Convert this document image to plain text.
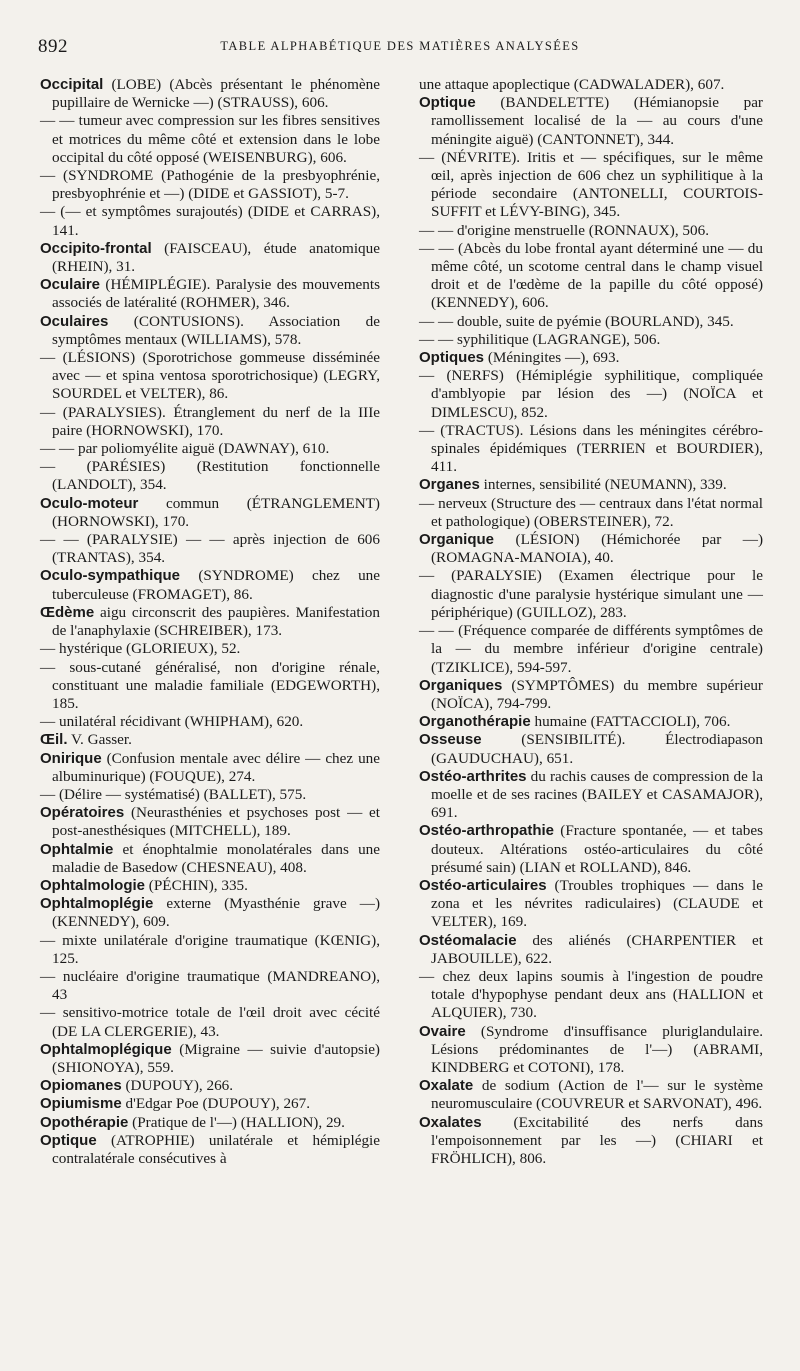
892	TABLE ALPHABÉTIQUE DES MATIÈRES ANALYSÉES
Occipital (LOBE) (Abcès présentant le phénomène pupillaire de Wernicke —) (STRAUSS), 606.
— — tumeur avec compression sur les fibres sensitives et motrices du même côté et extension dans le lobe occipital du côté opposé (WEISENBURG), 606.
— (SYNDROME (Pathogénie de la presbyophrénie, presbyophrénie et —) (DIDE et GASSIOT), 5-7.
— (— et symptômes surajoutés) (DIDE et CARRAS), 141.
Occipito-frontal (FAISCEAU), étude anatomique (RHEIN), 31.
Oculaire (HÉMIPLÉGIE). Paralysie des mouvements associés de latéralité (ROHMER), 346.
Oculaires (CONTUSIONS). Association de symptômes mentaux (WILLIAMS), 578.
— (LÉSIONS) (Sporotrichose gommeuse disséminée avec — et spina ventosa sporotrichosique) (LEGRY, SOURDEL et VELTER), 86.
— (PARALYSIES). Étranglement du nerf de la IIIe paire (HORNOWSKI), 170.
— — par poliomyélite aiguë (DAWNAY), 610.
— (PARÉSIES) (Restitution fonctionnelle (LANDOLT), 354.
Oculo-moteur commun (ÉTRANGLEMENT) (HORNOWSKI), 170.
— — (PARALYSIE) — — après injection de 606 (TRANTAS), 354.
Oculo-sympathique (SYNDROME) chez une tuberculeuse (FROMAGET), 86.
Œdème aigu circonscrit des paupières. Manifestation de l'anaphylaxie (SCHREIBER), 173.
— hystérique (GLORIEUX), 52.
— sous-cutané généralisé, non d'origine rénale, constituant une maladie familiale (EDGEWORTH), 185.
— unilatéral récidivant (WHIPHAM), 620.
Œil. V. Gasser.
Onirique (Confusion mentale avec délire — chez une albuminurique) (FOUQUE), 274.
— (Délire — systématisé) (BALLET), 575.
Opératoires (Neurasthénies et psychoses post — et post-anesthésiques (MITCHELL), 189.
Ophtalmie et énophtalmie monolatérales dans une maladie de Basedow (CHESNEAU), 408.
Ophtalmologie (PÉCHIN), 335.
Ophtalmoplégie externe (Myasthénie grave —) (KENNEDY), 609.
— mixte unilatérale d'origine traumatique (KŒNIG), 125.
— nucléaire d'origine traumatique (MANDREANO), 43
— sensitivo-motrice totale de l'œil droit avec cécité (DE LA CLERGERIE), 43.
Ophtalmoplégique (Migraine — suivie d'autopsie) (SHIONOYA), 559.
Opiomanes (DUPOUY), 266.
Opiumisme d'Edgar Poe (DUPOUY), 267.
Opothérapie (Pratique de l'—) (HALLION), 29.
Optique (ATROPHIE) unilatérale et hémiplégie contralatérale consécutives à
une attaque apoplectique (CADWALADER), 607.
Optique (BANDELETTE) (Hémianopsie par ramollissement localisé de la — au cours d'une méningite aiguë) (CANTONNET), 344.
— (NÉVRITE). Iritis et — spécifiques, sur le même œil, après injection de 606 chez un syphilitique à la période secondaire (ANTONELLI, COURTOIS-SUFFIT et LÉVY-BING), 345.
— — d'origine menstruelle (RONNAUX), 506.
— — (Abcès du lobe frontal ayant déterminé une — du même côté, un scotome central dans le champ visuel droit et de l'œdème de la papille du côté opposé) (KENNEDY), 606.
— — double, suite de pyémie (BOURLAND), 345.
— — syphilitique (LAGRANGE), 506.
Optiques (Méningites —), 693.
— (NERFS) (Hémiplégie syphilitique, compliquée d'amblyopie par lésion des —) (NOÏCA et DIMLESCU), 852.
— (TRACTUS). Lésions dans les méningites cérébro-spinales épidémiques (TERRIEN et BOURDIER), 411.
Organes internes, sensibilité (NEUMANN), 339.
— nerveux (Structure des — centraux dans l'état normal et pathologique) (OBERSTEINER), 72.
Organique (LÉSION) (Hémichorée par —) (ROMAGNA-MANOIA), 40.
— (PARALYSIE) (Examen électrique pour le diagnostic d'une paralysie hystérique simulant une — périphérique) (GUILLOZ), 283.
— — (Fréquence comparée de différents symptômes de la — du membre inférieur d'origine centrale) (TZIKLICE), 594-597.
Organiques (SYMPTÔMES) du membre supérieur (NOÏCA), 794-799.
Organothérapie humaine (FATTACCIOLI), 706.
Osseuse (SENSIBILITÉ). Électrodiapason (GAUDUCHAU), 651.
Ostéo-arthrites du rachis causes de compression de la moelle et de ses racines (BAILEY et CASAMAJOR), 691.
Ostéo-arthropathie (Fracture spontanée, — et tabes douteux. Altérations ostéo-articulaires du côté présumé sain) (LIAN et ROLLAND), 846.
Ostéo-articulaires (Troubles trophiques — dans le zona et les névrites radiculaires) (CLAUDE et VELTER), 169.
Ostéomalacie des aliénés (CHARPENTIER et JABOUILLE), 622.
— chez deux lapins soumis à l'ingestion de poudre totale d'hypophyse pendant deux ans (HALLION et ALQUIER), 730.
Ovaire (Syndrome d'insuffisance pluriglandulaire. Lésions prédominantes de l'—) (ABRAMI, KINDBERG et COTONI), 178.
Oxalate de sodium (Action de l'— sur le système neuromusculaire (COUVREUR et SARVONAT), 496.
Oxalates (Excitabilité des nerfs dans l'empoisonnement par les —) (CHIARI et FRÖHLICH), 806.
